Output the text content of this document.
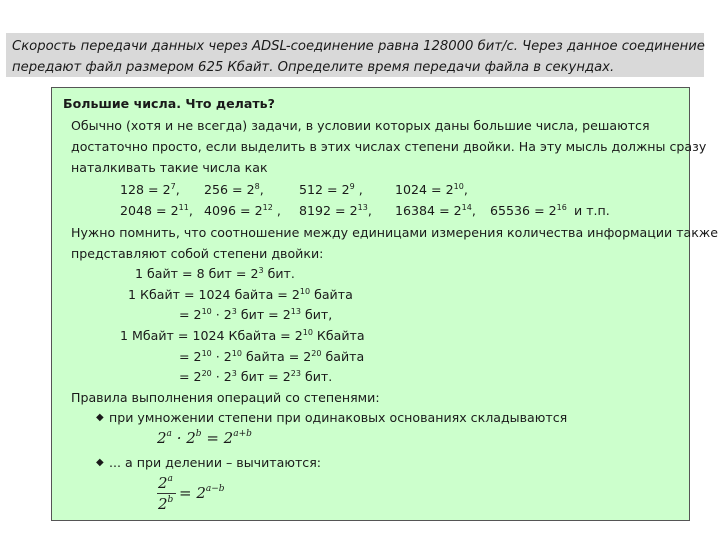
Скорость передачи данных через ADSL-соединение равна 128000 бит/c. Через данное соединение
передают файл размером 625 Кбайт. Определите время передачи файла в секундах.
Большие числа. Что делать?
Обычно (хотя и не всегда) задачи, в условии которых даны большие числа, решаются
достаточно просто, если выделить в этих числах степени двойки. На эту мысль должны сразу
наталкивать такие числа как
$128 = 2^7$, $256 = 2^8$,	$512 = 2^9$ ,	$1024 = 2^{10}$,
$2048 = 2^{11}$, $4096 = 2^{12}$ , $8192 = 2^{13}$, $16384 = 2^{14}$, $65536 = 2^{16}$ и т.п.
Нужно помнить, что соотношение между единицами измерения количества информации также
представляют собой степени двойки:
1 байт = 8 бит = $2^3$ бит.
1 Кбайт = 1024 байта = $2^{10}$ байта
= $2^{10} \cdot 2^3$ бит = $2^{13}$ бит,
1 Мбайт = 1024 Кбайта = $2^{10}$ Кбайта
= $2^{10} \cdot 2^{10}$ байта = $2^{20}$ байта
= $2^{20} \cdot 2^3$ бит = $2^{23}$ бит.
Правила выполнения операций со степенями:
◆ при умножении степени при одинаковых основаниях складываются
$2^a \cdot 2^b = 2^{a+b}$
◆ ... а при делении – вычитаются:
2$^a$
$2^b = 2^{a-b}$
